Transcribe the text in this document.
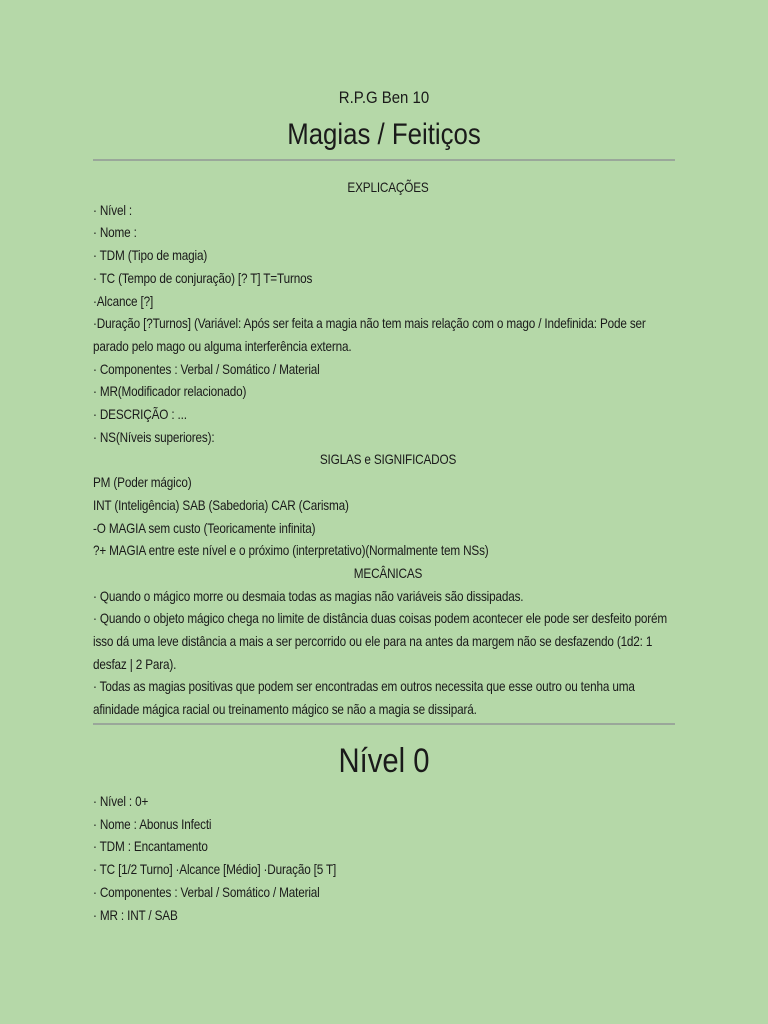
R.P.G Ben 10
Magias / Feitiços
EXPLICAÇÕES
· Nível :
· Nome :
· TDM (Tipo de magia)
· TC (Tempo de conjuração) [? T] T=Turnos
·Alcance [?]
·Duração [?Turnos] (Variável: Após ser feita a magia não tem mais relação com o mago / Indefinida: Pode ser
parado pelo mago ou alguma interferência externa.
· Componentes : Verbal / Somático / Material
· MR(Modificador relacionado)
· DESCRIÇÃO : ...
· NS(Níveis superiores):
SIGLAS e SIGNIFICADOS
PM (Poder mágico)
INT (Inteligência) SAB (Sabedoria) CAR (Carisma)
-O MAGIA sem custo (Teoricamente infinita)
?+ MAGIA entre este nível e o próximo (interpretativo)(Normalmente tem NSs)
MECÂNICAS
· Quando o mágico morre ou desmaia todas as magias não variáveis são dissipadas.
· Quando o objeto mágico chega no limite de distância duas coisas podem acontecer ele pode ser desfeito porém
isso dá uma leve distância a mais a ser percorrido ou ele para na antes da margem não se desfazendo (1d2: 1
desfaz | 2 Para).
· Todas as magias positivas que podem ser encontradas em outros necessita que esse outro ou tenha uma
afinidade mágica racial ou treinamento mágico se não a magia se dissipará.
Nível 0
· Nível : 0+
· Nome : Abonus Infecti
· TDM : Encantamento
· TC [1/2 Turno] ·Alcance [Médio] ·Duração [5 T]
· Componentes : Verbal / Somático / Material
· MR : INT / SAB
